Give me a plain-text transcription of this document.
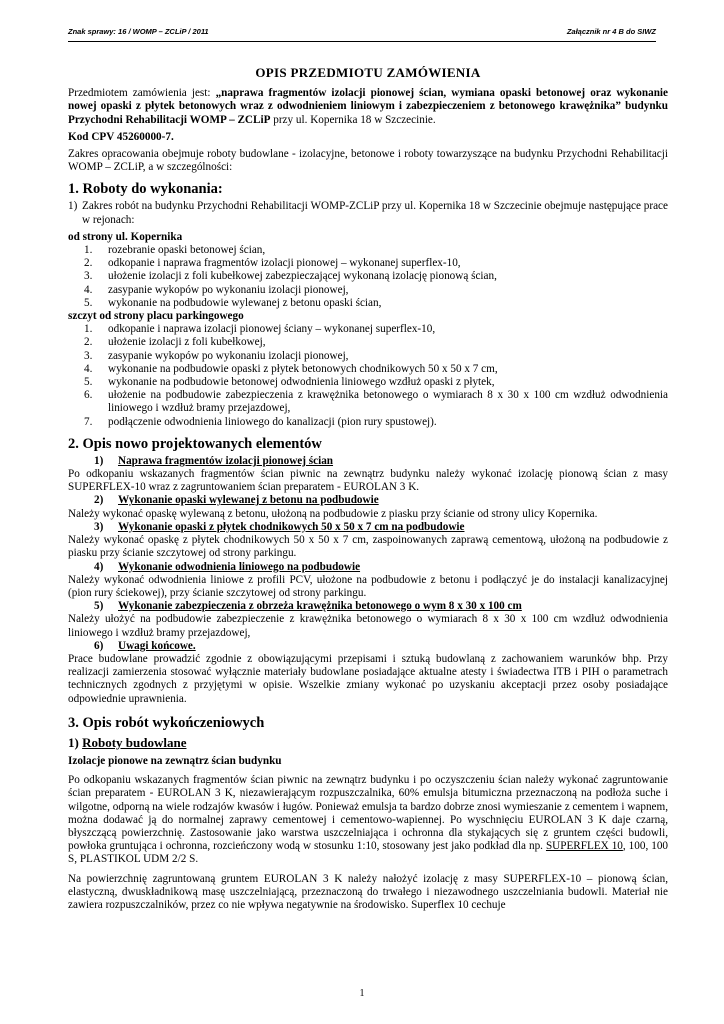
Znak sprawy: 16 / WOMP – ZCLiP / 2011	Załącznik nr 4 B do SIWZ

OPIS PRZEDMIOTU ZAMÓWIENIA

Przedmiotem zamówienia jest: „naprawa fragmentów izolacji pionowej ścian, wymiana opaski betonowej oraz wykonanie nowej opaski z płytek betonowych wraz z odwodnieniem liniowym i zabezpieczeniem z betonowego krawężnika” budynku Przychodni Rehabilitacji WOMP – ZCLiP przy ul. Kopernika 18 w Szczecinie.

Kod CPV 45260000-7.

Zakres opracowania obejmuje roboty budowlane - izolacyjne, betonowe i roboty towarzyszące na budynku Przychodni Rehabilitacji WOMP – ZCLiP, a w szczególności:

1. Roboty do wykonania:
1) Zakres robót na budynku Przychodni Rehabilitacji WOMP-ZCLiP przy ul. Kopernika 18 w Szczecinie obejmuje następujące prace w rejonach:
od strony ul. Kopernika
1. rozebranie opaski betonowej ścian,
2. odkopanie i naprawa fragmentów izolacji pionowej – wykonanej superflex-10,
3. ułożenie izolacji z foli kubełkowej zabezpieczającej wykonaną izolację pionową ścian,
4. zasypanie wykopów po wykonaniu izolacji pionowej,
5. wykonanie na podbudowie wylewanej z betonu opaski ścian,
szczyt od strony placu parkingowego
1. odkopanie i naprawa izolacji pionowej ściany – wykonanej superflex-10,
2. ułożenie izolacji z foli kubełkowej,
3. zasypanie wykopów po wykonaniu izolacji pionowej,
4. wykonanie na podbudowie opaski z płytek betonowych chodnikowych 50 x 50 x 7 cm,
5. wykonanie na podbudowie betonowej odwodnienia liniowego wzdłuż opaski z płytek,
6. ułożenie na podbudowie zabezpieczenia z krawężnika betonowego o wymiarach 8 x 30 x 100 cm wzdłuż odwodnienia liniowego i wzdłuż bramy przejazdowej,
7. podłączenie odwodnienia liniowego do kanalizacji (pion rury spustowej).
2. Opis nowo projektowanych elementów
1) Naprawa fragmentów izolacji pionowej ścian

Po odkopaniu wskazanych fragmentów ścian piwnic na zewnątrz budynku należy wykonać izolację pionową ścian z masy SUPERFLEX-10 wraz z zagruntowaniem ścian preparatem - EUROLAN 3 K.

2) Wykonanie opaski wylewanej z betonu na podbudowie

Należy wykonać opaskę wylewaną z betonu, ułożoną na podbudowie z piasku przy ścianie od strony ulicy Kopernika.

3) Wykonanie opaski z płytek chodnikowych 50 x 50 x 7 cm na podbudowie

Należy wykonać opaskę z płytek chodnikowych 50 x 50 x 7 cm, zaspoinowanych zaprawą cementową, ułożoną na podbudowie z piasku przy ścianie szczytowej od strony parkingu.

4) Wykonanie odwodnienia liniowego na podbudowie

Należy wykonać odwodnienia liniowe z profili PCV, ułożone na podbudowie z betonu i podłączyć je do instalacji kanalizacyjnej (pion rury ściekowej), przy ścianie szczytowej od strony parkingu.

5) Wykonanie zabezpieczenia z obrzeża krawężnika betonowego o wym 8 x 30 x 100 cm

Należy ułożyć na podbudowie zabezpieczenie z krawężnika betonowego o wymiarach 8 x 30 x 100 cm wzdłuż odwodnienia liniowego i wzdłuż bramy przejazdowej,

6) Uwagi końcowe.

Prace budowlane prowadzić zgodnie z obowiązującymi przepisami i sztuką budowlaną z zachowaniem warunków bhp. Przy realizacji zamierzenia stosować wyłącznie materiały budowlane posiadające aktualne atesty i świadectwa ITB i PIH o parametrach technicznych zgodnych z przyjętymi w opisie. Wszelkie zmiany wykonać po uzyskaniu akceptacji przez osoby posiadające odpowiednie uprawnienia.

3. Opis robót wykończeniowych
1) Roboty budowlane

Izolacje pionowe na zewnątrz ścian budynku

Po odkopaniu wskazanych fragmentów ścian piwnic na zewnątrz budynku i po oczyszczeniu ścian należy wykonać zagruntowanie ścian preparatem - EUROLAN 3 K, niezawierającym rozpuszczalnika, 60% emulsja bitumiczna przeznaczoną na podłoża suche i wilgotne, odporną na wiele rodzajów kwasów i ługów. Ponieważ emulsja ta bardzo dobrze znosi wymieszanie z cementem i wapnem, można dodawać ją do normalnej zaprawy cementowej i cementowo-wapiennej. Po wyschnięciu EUROLAN 3 K daje czarną, błyszczącą powierzchnię. Zastosowanie jako warstwa uszczelniająca i ochronna dla stykających się z gruntem części budowli, powłoka gruntująca i ochronna, rozcieńczony wodą w stosunku 1:10, stosowany jest jako podkład dla np. SUPERFLEX 10, 100, 100 S, PLASTIKOL UDM 2/2 S.

Na powierzchnię zagruntowaną gruntem EUROLAN 3 K należy nałożyć izolację z masy SUPERFLEX-10 – pionową ścian, elastyczną, dwuskładnikową masę uszczelniającą, przeznaczoną do trwałego i niezawodnego uszczelniania budowli. Materiał nie zawiera rozpuszczalników, przez co nie wpływa negatywnie na środowisko. Superflex 10 cechuje

1
